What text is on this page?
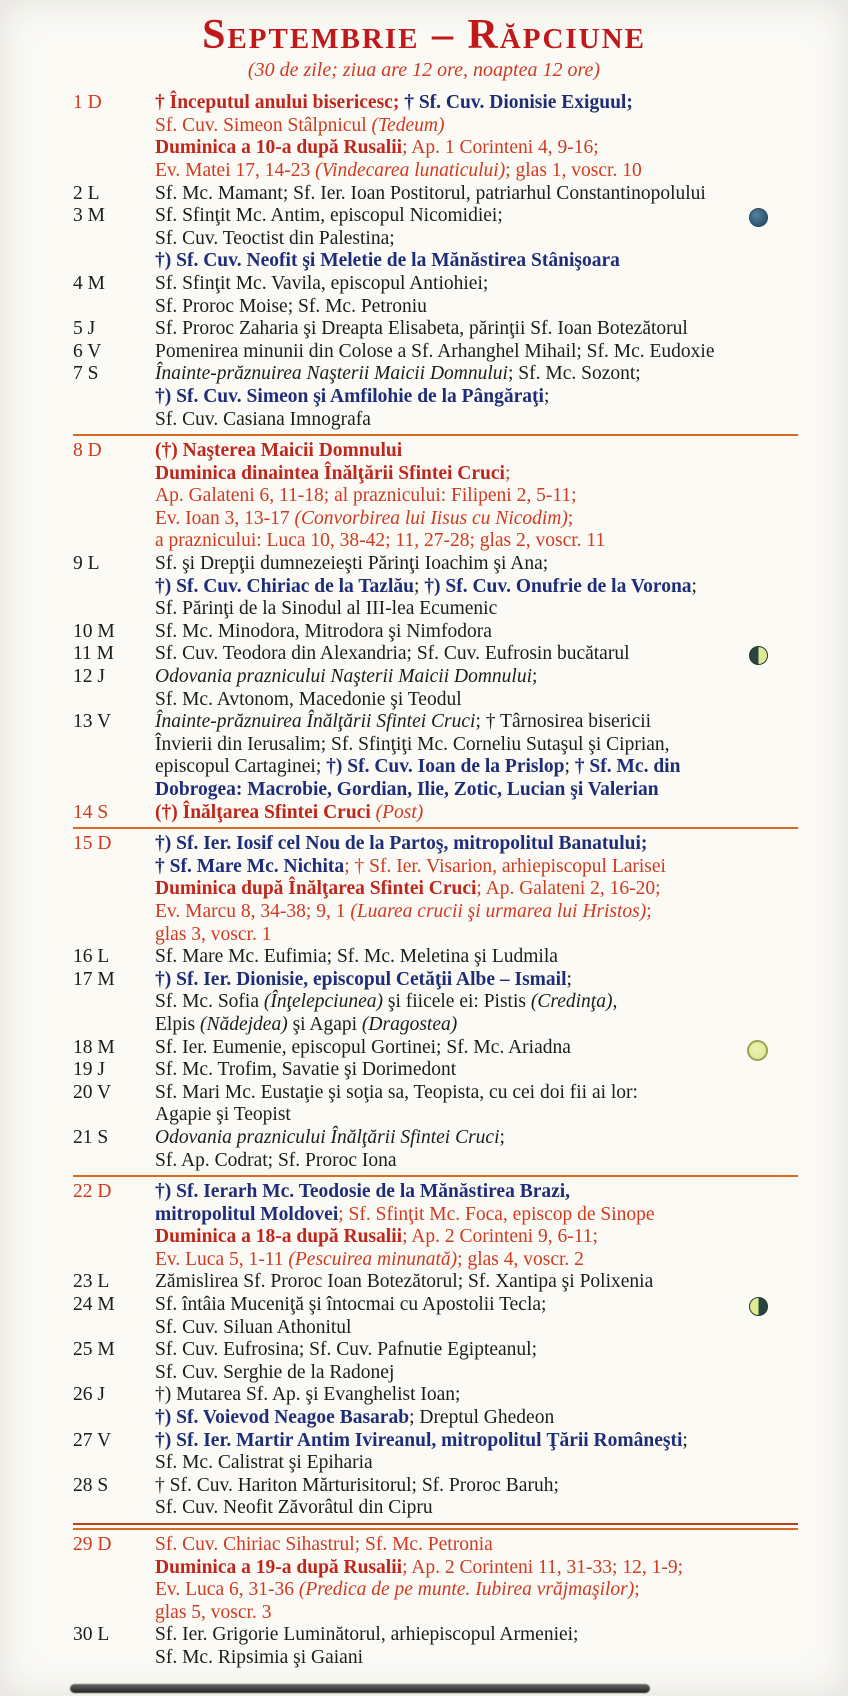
Septembrie – Răpciune
(30 de zile; ziua are 12 ore, noaptea 12 ore)
1 D	† Începutul anului bisericesc; † Sf. Cuv. Dionisie Exiguul;
Sf. Cuv. Simeon Stâlpnicul (Tedeum)
Duminica a 10-a după Rusalii; Ap. 1 Corinteni 4, 9-16;
Ev. Matei 17, 14-23 (Vindecarea lunaticului); glas 1, voscr. 10
2 L	Sf. Mc. Mamant; Sf. Ier. Ioan Postitorul, patriarhul Constantinopolului
3 M	Sf. Sfinţit Mc. Antim, episcopul Nicomidiei;
Sf. Cuv. Teoctist din Palestina;
†) Sf. Cuv. Neofit şi Meletie de la Mănăstirea Stânişoara
4 M	Sf. Sfinţit Mc. Vavila, episcopul Antiohiei;
Sf. Proroc Moise; Sf. Mc. Petroniu
5 J	Sf. Proroc Zaharia şi Dreapta Elisabeta, părinţii Sf. Ioan Botezătorul
6 V	Pomenirea minunii din Colose a Sf. Arhanghel Mihail; Sf. Mc. Eudoxie
7 S	Înainte-prăznuirea Naşterii Maicii Domnului; Sf. Mc. Sozont;
†) Sf. Cuv. Simeon şi Amfilohie de la Pângăraţi;
Sf. Cuv. Casiana Imnografa
8 D	(†) Naşterea Maicii Domnului
Duminica dinaintea Înălţării Sfintei Cruci;
Ap. Galateni 6, 11-18; al praznicului: Filipeni 2, 5-11;
Ev. Ioan 3, 13-17 (Convorbirea lui Iisus cu Nicodim);
a praznicului: Luca 10, 38-42; 11, 27-28; glas 2, voscr. 11
9 L	Sf. şi Drepţii dumnezeieşti Părinţi Ioachim şi Ana;
†) Sf. Cuv. Chiriac de la Tazlău; †) Sf. Cuv. Onufrie de la Vorona;
Sf. Părinţi de la Sinodul al III-lea Ecumenic
10 M	Sf. Mc. Minodora, Mitrodora şi Nimfodora
11 M	Sf. Cuv. Teodora din Alexandria; Sf. Cuv. Eufrosin bucătarul
12 J	Odovania praznicului Naşterii Maicii Domnului;
Sf. Mc. Avtonom, Macedonie şi Teodul
13 V	Înainte-prăznuirea Înălţării Sfintei Cruci; † Târnosirea bisericii
Învierii din Ierusalim; Sf. Sfinţiţi Mc. Corneliu Sutaşul şi Ciprian,
episcopul Cartaginei; †) Sf. Cuv. Ioan de la Prislop; † Sf. Mc. din
Dobrogea: Macrobie, Gordian, Ilie, Zotic, Lucian şi Valerian
14 S	(†) Înălţarea Sfintei Cruci (Post)
15 D	†) Sf. Ier. Iosif cel Nou de la Partoş, mitropolitul Banatului;
† Sf. Mare Mc. Nichita; † Sf. Ier. Visarion, arhiepiscopul Larisei
Duminica după Înălţarea Sfintei Cruci; Ap. Galateni 2, 16-20;
Ev. Marcu 8, 34-38; 9, 1 (Luarea crucii şi urmarea lui Hristos);
glas 3, voscr. 1
16 L	Sf. Mare Mc. Eufimia; Sf. Mc. Meletina şi Ludmila
17 M	†) Sf. Ier. Dionisie, episcopul Cetăţii Albe – Ismail;
Sf. Mc. Sofia (Înţelepciunea) şi fiicele ei: Pistis (Credinţa),
Elpis (Nădejdea) şi Agapi (Dragostea)
18 M	Sf. Ier. Eumenie, episcopul Gortinei; Sf. Mc. Ariadna
19 J	Sf. Mc. Trofim, Savatie şi Dorimedont
20 V	Sf. Mari Mc. Eustaţie şi soţia sa, Teopista, cu cei doi fii ai lor:
Agapie şi Teopist
21 S	Odovania praznicului Înălţării Sfintei Cruci;
Sf. Ap. Codrat; Sf. Proroc Iona
22 D	†) Sf. Ierarh Mc. Teodosie de la Mănăstirea Brazi,
mitropolitul Moldovei; Sf. Sfinţit Mc. Foca, episcop de Sinope
Duminica a 18-a după Rusalii; Ap. 2 Corinteni 9, 6-11;
Ev. Luca 5, 1-11 (Pescuirea minunată); glas 4, voscr. 2
23 L	Zămislirea Sf. Proroc Ioan Botezătorul; Sf. Xantipa şi Polixenia
24 M	Sf. întâia Muceniţă şi întocmai cu Apostolii Tecla;
Sf. Cuv. Siluan Athonitul
25 M	Sf. Cuv. Eufrosina; Sf. Cuv. Pafnutie Egipteanul;
Sf. Cuv. Serghie de la Radonej
26 J	†) Mutarea Sf. Ap. şi Evanghelist Ioan;
†) Sf. Voievod Neagoe Basarab; Dreptul Ghedeon
27 V	†) Sf. Ier. Martir Antim Ivireanul, mitropolitul Ţării Româneşti;
Sf. Mc. Calistrat şi Epiharia
28 S	† Sf. Cuv. Hariton Mărturisitorul; Sf. Proroc Baruh;
Sf. Cuv. Neofit Zăvorâtul din Cipru
29 D	Sf. Cuv. Chiriac Sihastrul; Sf. Mc. Petronia
Duminica a 19-a după Rusalii; Ap. 2 Corinteni 11, 31-33; 12, 1-9;
Ev. Luca 6, 31-36 (Predica de pe munte. Iubirea vrăjmaşilor);
glas 5, voscr. 3
30 L	Sf. Ier. Grigorie Luminătorul, arhiepiscopul Armeniei;
Sf. Mc. Ripsimia şi Gaiani
